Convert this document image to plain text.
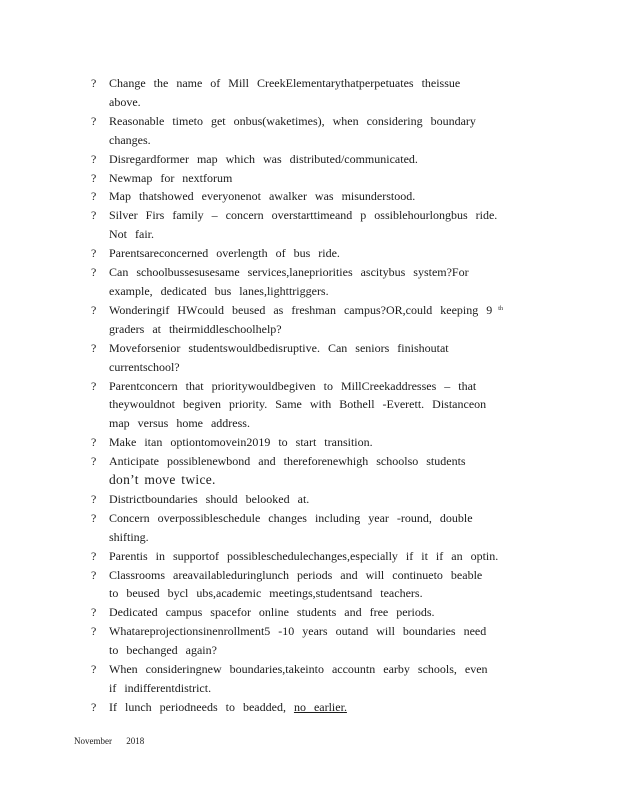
? Change the name of Mill CreekElementarythatperpetuates theissue
above.
? Reasonable timeto get onbus(waketimes), when considering boundary
changes.
? Disregardformer map which was distributed/communicated.
? Newmap for nextforum
? Map thatshowed everyonenot awalker was misunderstood.
? Silver Firs family – concern overstarttimeand p ossiblehourlongbus ride.
Not fair.
? Parentsareconcerned overlength of bus ride.
? Can schoolbussesusesame services,lanepriorities ascitybus system?For
example, dedicated bus lanes,lighttriggers.
? Wonderingif HWcould beused as freshman campus?OR,could keeping 9 $^{th}$
graders at theirmiddleschoolhelp?
? Moveforsenior studentswouldbedisruptive. Can seniors finishoutat
currentschool?
? Parentconcern that prioritywouldbegiven to MillCreekaddresses – that
theywouldnot begiven priority. Same with Bothell -Everett. Distanceon
map versus home address.
? Make itan optiontomovein2019 to start transition.
? Anticipate possiblenewbond and thereforenewhigh schoolso students
don’t move twice.
? Districtboundaries should belooked at.
? Concern overpossibleschedule changes including year -round, double
shifting.
? Parentis in supportof possibleschedulechanges,especially if it if an optin.
? Classrooms areavailableduringlunch periods and will continueto beable
to beused bycl ubs,academic meetings,studentsand teachers.
? Dedicated campus spacefor online students and free periods.
? Whatareprojectionsinenrollment5 -10 years outand will boundaries need
to bechanged again?
? When consideringnew boundaries,takeinto accountn earby schools, even
if indifferentdistrict.
? If lunch periodneeds to beadded, no earlier.
November 2018
